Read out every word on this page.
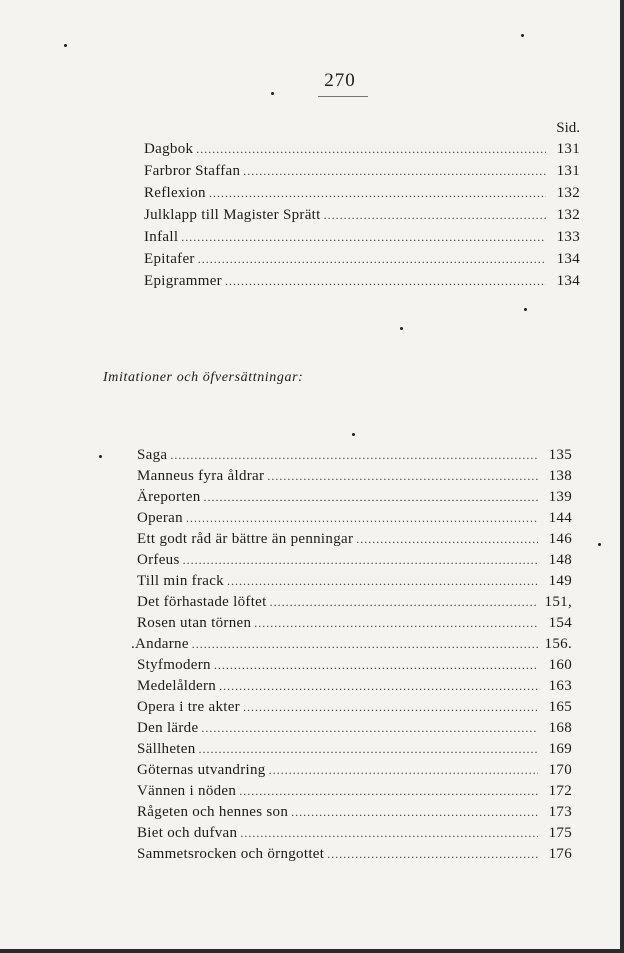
270
Sid.
Dagbok .....	131
Farbror Staffan .....	131
Reflexion .....	132
Julklapp till Magister Sprätt .....	132
Infall .....	133
Epitafer .....	134
Epigrammer .....	134
Imitationer och öfversättningar:
Saga .....	135
Manneus fyra åldrar .....	138
Äreporten .....	139
Operan .....	144
Ett godt råd är bättre än penningar .....	146
Orfeus .....	148
Till min frack .....	149
Det förhastade löftet .....	151,
Rosen utan törnen .....	154
.Andarne .....	156.
Styfmodern .....	160
Medelåldern .....	163
Opera i tre akter .....	165
Den lärde .....	168
Sällheten .....	169
Göternas utvandring .....	170
Vännen i nöden .....	172
Rågeten och hennes son .....	173
Biet och dufvan .....	175
Sammetsrocken och örngottet .....	176
